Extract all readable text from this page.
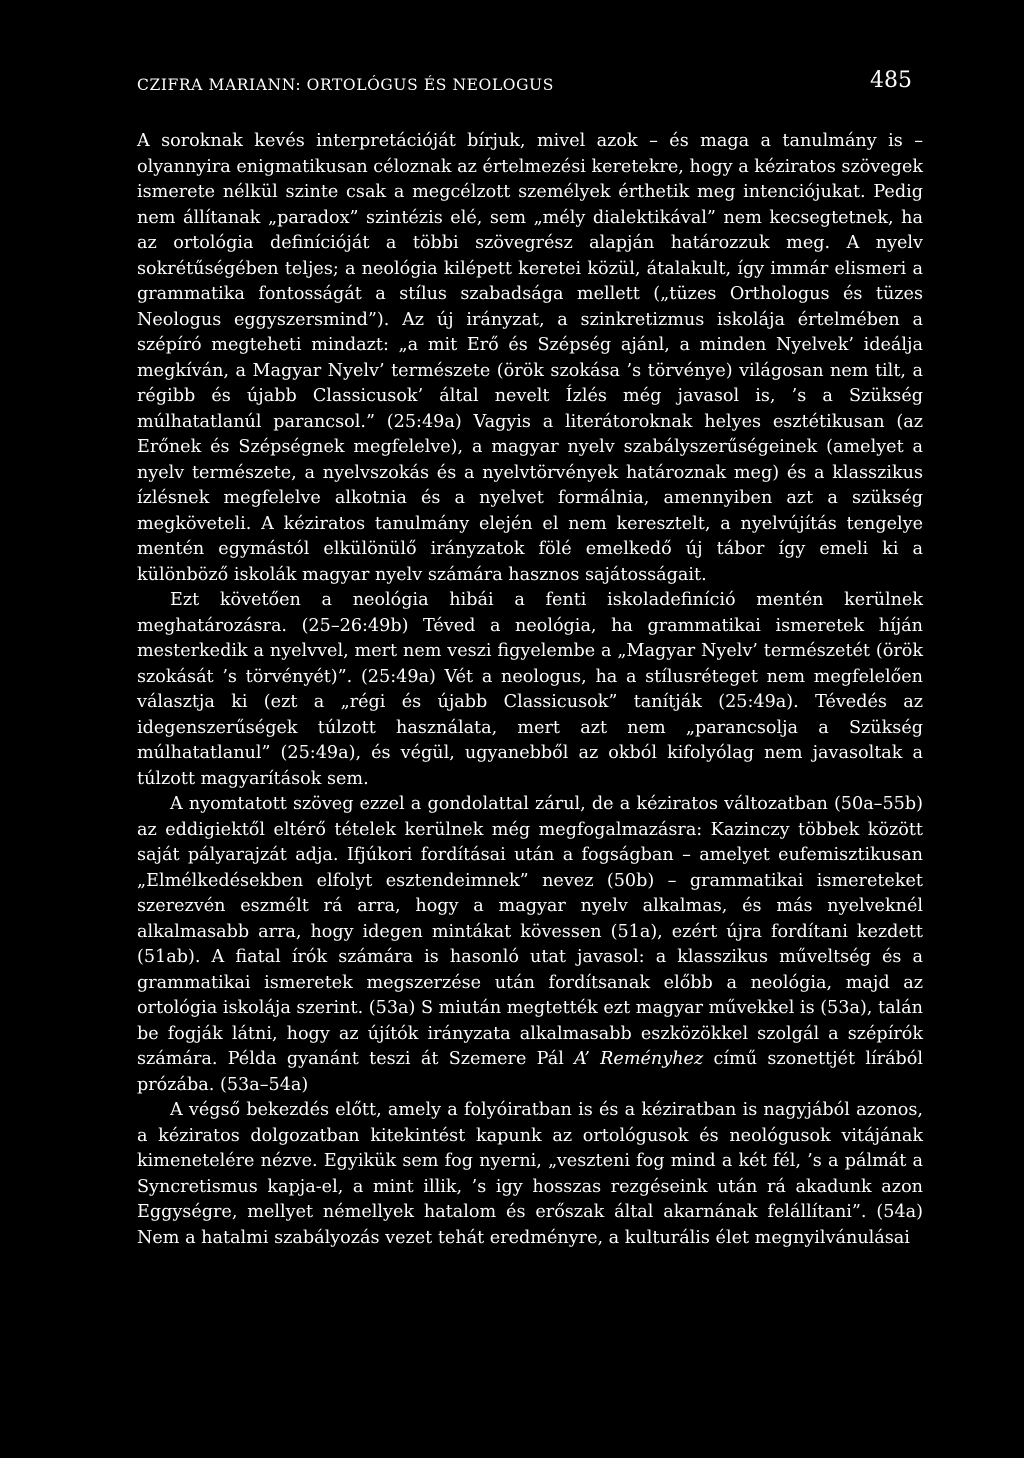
CZIFRA MARIANN: ORTOLÓGUS ÉS NEOLOGUS	485

A soroknak kevés interpretációját bírjuk, mivel azok – és maga a tanulmány is – olyannyira enigmatikusan céloznak az értelmezési keretekre, hogy a kéziratos szövegek ismerete nélkül szinte csak a megcélzott személyek érthetik meg intenciójukat. Pedig nem állítanak „paradox” szintézis elé, sem „mély dialektikával” nem kecsegtetnek, ha az ortológia definícióját a többi szövegrész alapján határozzuk meg. A nyelv sokrétűségében teljes; a neológia kilépett keretei közül, átalakult, így immár elismeri a grammatika fontosságát a stílus szabadsága mellett („tüzes Orthologus és tüzes Neologus eggyszersmind”). Az új irányzat, a szinkretizmus iskolája értelmében a szépíró megteheti mindazt: „a mit Erő és Szépség ajánl, a minden Nyelvek’ ideálja megkíván, a Magyar Nyelv’ természete (örök szokása ’s törvénye) világosan nem tilt, a régibb és újabb Classicusok’ által nevelt Ízlés még javasol is, ’s a Szükség múlhatatlanúl parancsol.” (25:49a) Vagyis a literátoroknak helyes esztétikusan (az Erőnek és Szépségnek megfelelve), a magyar nyelv szabályszerűségeinek (amelyet a nyelv természete, a nyelvszokás és a nyelvtörvények határoznak meg) és a klasszikus ízlésnek megfelelve alkotnia és a nyelvet formálnia, amennyiben azt a szükség megköveteli. A kéziratos tanulmány elején el nem keresztelt, a nyelvújítás tengelye mentén egymástól elkülönülő irányzatok fölé emelkedő új tábor így emeli ki a különböző iskolák magyar nyelv számára hasznos sajátosságait.

Ezt követően a neológia hibái a fenti iskoladefiníció mentén kerülnek meghatározásra. (25–26:49b) Téved a neológia, ha grammatikai ismeretek híján mesterkedik a nyelvvel, mert nem veszi figyelembe a „Magyar Nyelv’ természetét (örök szokását ’s törvényét)”. (25:49a) Vét a neologus, ha a stílusréteget nem megfelelően választja ki (ezt a „régi és újabb Classicusok” tanítják (25:49a). Tévedés az idegenszerűségek túlzott használata, mert azt nem „parancsolja a Szükség múlhatatlanul” (25:49a), és végül, ugyanebből az okból kifolyólag nem javasoltak a túlzott magyarítások sem.

A nyomtatott szöveg ezzel a gondolattal zárul, de a kéziratos változatban (50a–55b) az eddigiektől eltérő tételek kerülnek még megfogalmazásra: Kazinczy többek között saját pályarajzát adja. Ifjúkori fordításai után a fogságban – amelyet eufemisztikusan „Elmélkedésekben elfolyt esztendeimnek” nevez (50b) – grammatikai ismereteket szerezvén eszmélt rá arra, hogy a magyar nyelv alkalmas, és más nyelveknél alkalmasabb arra, hogy idegen mintákat kövessen (51a), ezért újra fordítani kezdett (51ab). A fiatal írók számára is hasonló utat javasol: a klasszikus műveltség és a grammatikai ismeretek megszerzése után fordítsanak előbb a neológia, majd az ortológia iskolája szerint. (53a) S miután megtették ezt magyar művekkel is (53a), talán be fogják látni, hogy az újítók irányzata alkalmasabb eszközökkel szolgál a szépírók számára. Példa gyanánt teszi át Szemere Pál A’ Reményhez című szonettjét lírából prózába. (53a–54a)

A végső bekezdés előtt, amely a folyóiratban is és a kéziratban is nagyjából azonos, a kéziratos dolgozatban kitekintést kapunk az ortológusok és neológusok vitájának kimenetelére nézve. Egyikük sem fog nyerni, „veszteni fog mind a két fél, ’s a pálmát a Syncretismus kapja-el, a mint illik, ’s igy hosszas rezgéseink után rá akadunk azon Eggységre, mellyet némellyek hatalom és erőszak által akarnának felállítani”. (54a) Nem a hatalmi szabályozás vezet tehát eredményre, a kulturális élet megnyilvánulásai
